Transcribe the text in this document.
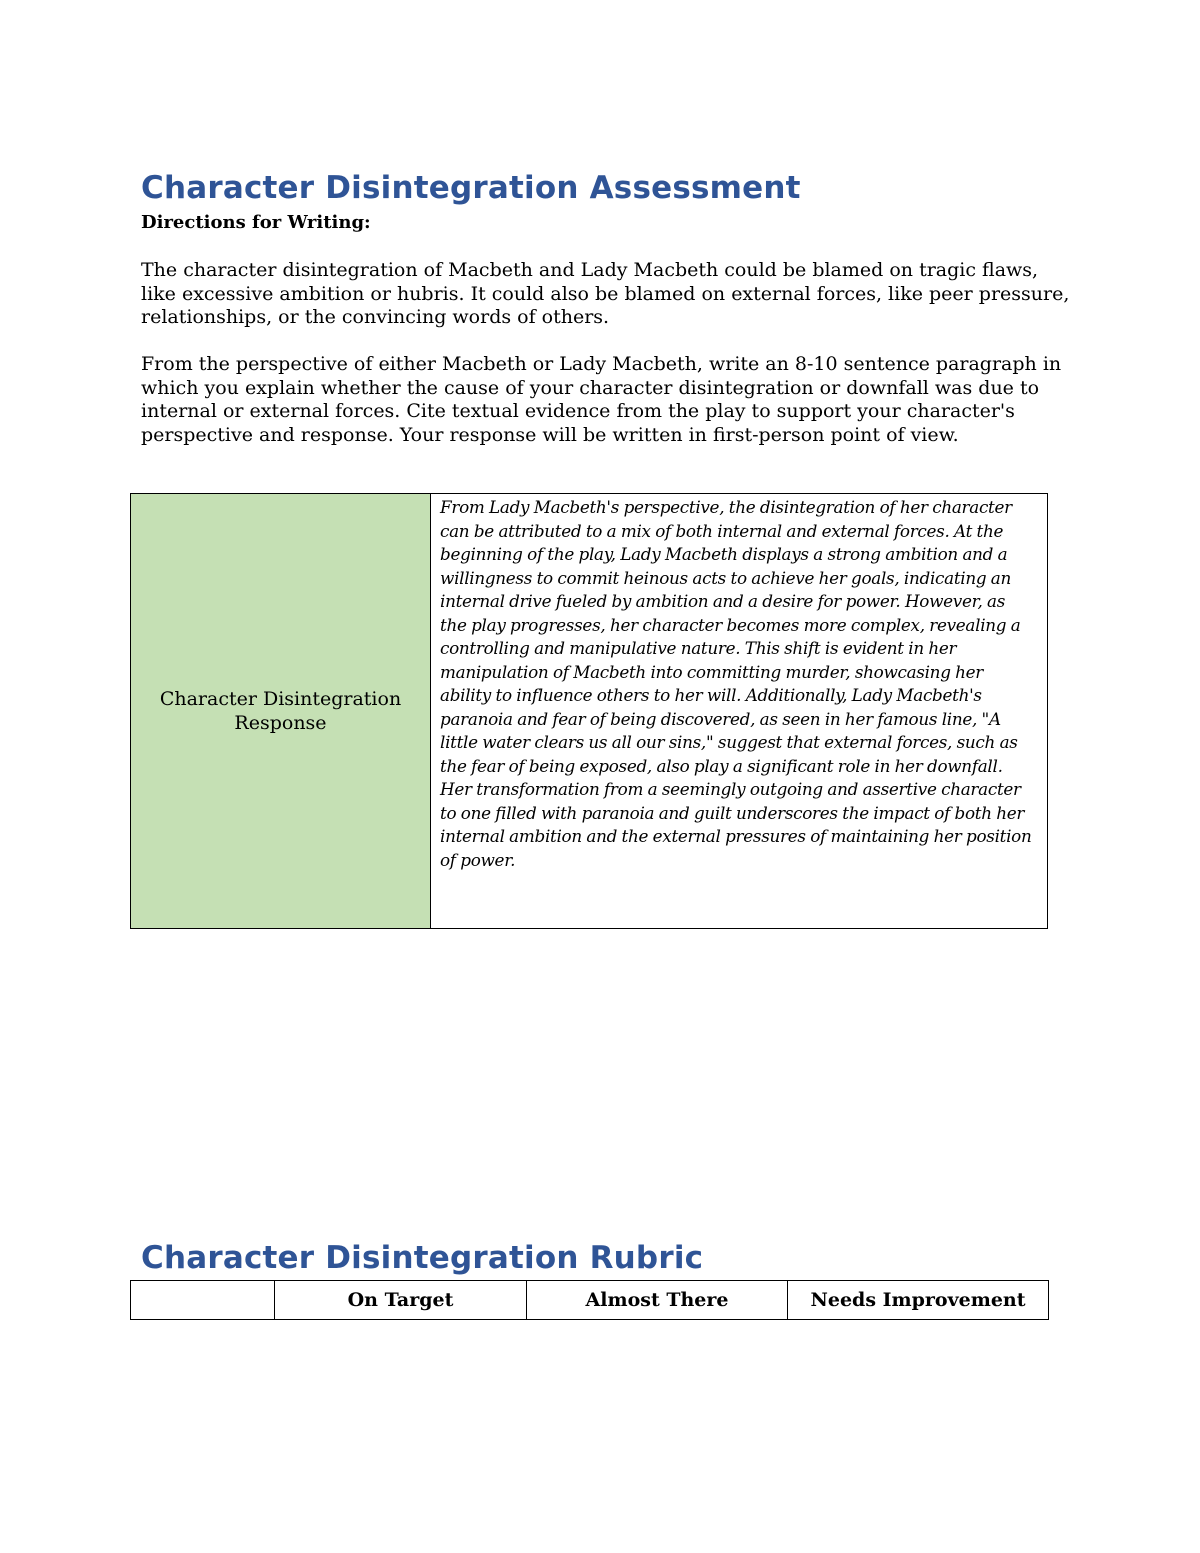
Character Disintegration Assessment

Directions for Writing:

The character disintegration of Macbeth and Lady Macbeth could be blamed on tragic flaws, like excessive ambition or hubris. It could also be blamed on external forces, like peer pressure, relationships, or the convincing words of others.

From the perspective of either Macbeth or Lady Macbeth, write an 8-10 sentence paragraph in which you explain whether the cause of your character disintegration or downfall was due to internal or external forces. Cite textual evidence from the play to support your character's perspective and response. Your response will be written in first-person point of view.

Character Disintegration Response	
From Lady Macbeth's perspective, the disintegration of her character can be attributed to a mix of both internal and external forces. At the beginning of the play, Lady Macbeth displays a strong ambition and a willingness to commit heinous acts to achieve her goals, indicating an internal drive fueled by ambition and a desire for power. However, as the play progresses, her character becomes more complex, revealing a controlling and manipulative nature. This shift is evident in her manipulation of Macbeth into committing murder, showcasing her ability to influence others to her will. Additionally, Lady Macbeth's paranoia and fear of being discovered, as seen in her famous line, "A little water clears us all our sins," suggest that external forces, such as the fear of being exposed, also play a significant role in her downfall. Her transformation from a seemingly outgoing and assertive character to one filled with paranoia and guilt underscores the impact of both her internal ambition and the external pressures of maintaining her position of power.
Character Disintegration Rubric
	On Target	Almost There	Needs Improvement
